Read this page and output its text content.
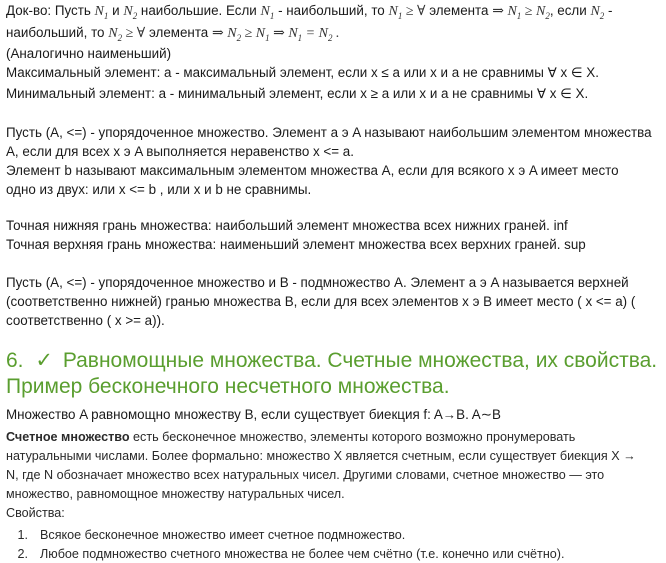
Док-во: Пусть $N_1$ и $N_2$ наибольшие. Если $N_1$ - наибольший, то $N_1$ ≥ ∀ элемента ⇒ $N_1 \ge N_2$, если $N_2$ -
наибольший, то $N_2$ ≥ ∀ элемента ⇒ $N_2 \ge N_1$ ⇒ $N_1 = N_2$ .
(Аналогично наименьший)
Максимальный элемент: a - максимальный элемент, если x ≤ a или x и a не сравнимы ∀ x ∈ X.
Минимальный элемент: a - минимальный элемент, если x ≥ a или x и a не сравнимы ∀ x ∈ X.
Пусть (A, <=) - упорядоченное множество. Элемент a э A называют наибольшим элементом множества
A, если для всех x э A выполняется неравенство x <= a.
Элемент b называют максимальным элементом множества A, если для всякого x э A имеет место
одно из двух: или x <= b , или x и b не сравнимы.
Точная нижняя грань множества: наибольший элемент множества всех нижних граней. inf
Точная верхняя грань множества: наименьший элемент множества всех верхних граней. sup
Пусть (A, <=) - упорядоченное множество и B - подмножество A. Элемент a э A называется верхней
(соответственно нижней) гранью множества B, если для всех элементов x э B имеет место ( x <= a) (
соответственно ( x >= a)).
6. ✓ Равномощные множества. Счетные множества, их свойства.
Пример бесконечного несчетного множества.
Множество A равномощно множеству B, если существует биекция f: A→B. A∼B
Счетное множество есть бесконечное множество, элементы которого возможно пронумеровать
натуральными числами. Более формально: множество X является счетным, если существует биекция X →
N, где N обозначает множество всех натуральных чисел. Другими словами, счетное множество — это
множество, равномощное множеству натуральных чисел.
Свойства:
1. Всякое бесконечное множество имеет счетное подмножество.
2. Любое подмножество счетного множества не более чем счётно (т.е. конечно или счётно).
